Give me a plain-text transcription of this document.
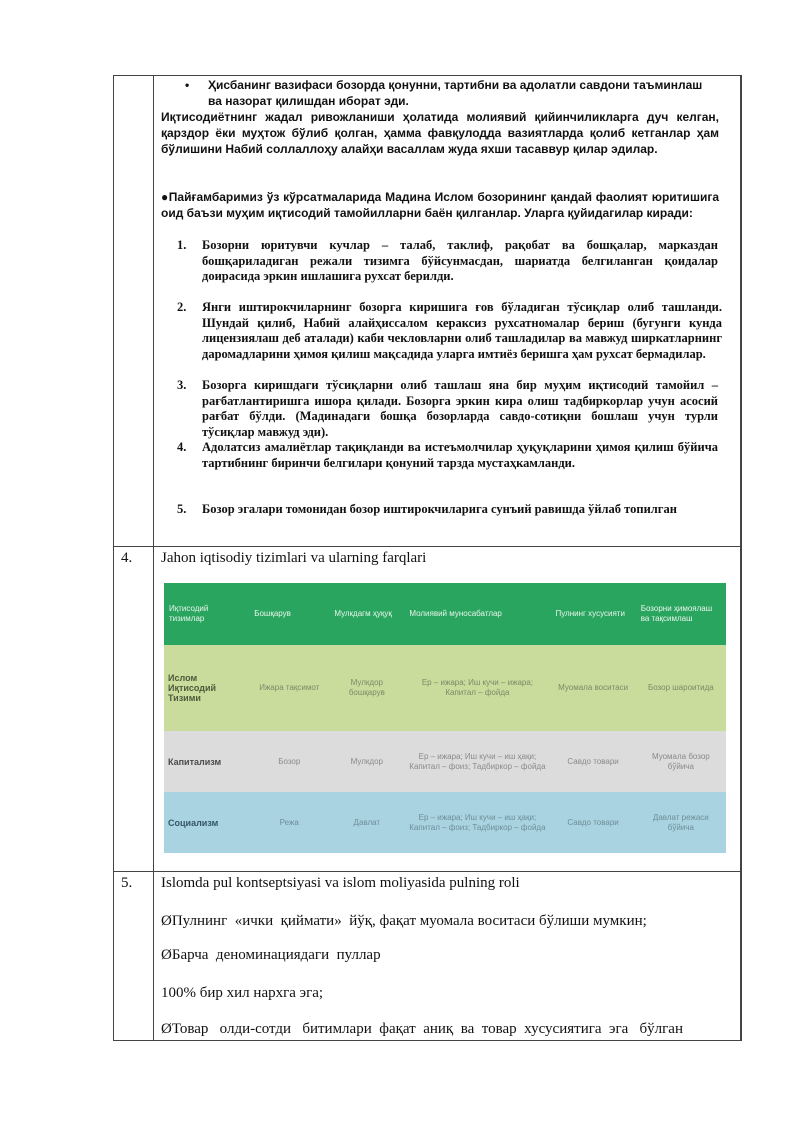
• Ҳисбанинг вазифаси бозорда қонунни, тартибни ва адолатли савдони таъминлаш ва назорат қилишдан иборат эди.
Иқтисодиётнинг жадал ривожланиши ҳолатида молиявий қийинчиликларга дуч келган, қарздор ёки муҳтож бўлиб қолган, ҳамма фавқулодда вазиятларда қолиб кетганлар ҳам бўлишини Набий соллаллоҳу алайҳи васаллам жуда яхши тасаввур қилар эдилар.
●Пайғамбаримиз ўз кўрсатмаларида Мадина Ислом бозорининг қандай фаолият юритишига оид баъзи муҳим иқтисодий тамойилларни баён қилганлар. Уларга қуйидагилар киради:
1. Бозорни юритувчи кучлар – талаб, таклиф, рақобат ва бошқалар, марказдан бошқариладиган режали тизимга бўйсунмасдан, шариатда белгиланган қоидалар доирасида эркин ишлашига рухсат берилди.
2. Янги иштирокчиларнинг бозорга киришига ғов бўладиган тўсиқлар олиб ташланди. Шундай қилиб, Набий алайҳиссалом кераксиз рухсатномалар бериш (бугунги кунда лицензиялаш деб аталади) каби чекловларни олиб ташладилар ва мавжуд ширкатларнинг даромадларини ҳимоя қилиш мақсадида уларга имтиёз беришга ҳам рухсат бермадилар.
3. Бозорга киришдаги тўсиқларни олиб ташлаш яна бир муҳим иқтисодий тамойил – рағбатлантиришга ишора қилади. Бозорга эркин кира олиш тадбиркорлар учун асосий рағбат бўлди. (Мадинадаги бошқа бозорларда савдо-сотиқни бошлаш учун турли тўсиқлар мавжуд эди).
4. Адолатсиз амалиётлар тақиқланди ва истеъмолчилар ҳуқуқларини ҳимоя қилиш бўйича тартибнинг биринчи белгилари қонуний тарзда мустаҳкамланди.
5. Бозор эгалари томонидан бозор иштирокчиларига сунъий равишда ўйлаб топилган
4. Jahon iqtisodiy tizimlari va ularning farqlari
Иқтисодий тизимлар	Бошқарув	Мулкдагм ҳуқуқ	Молиявий муносабатлар	Пулнинг хусусияти	Бозорни ҳимоялаш ва тақсимлаш
Ислом Иқтисодий Тизими	Ижара тақсимот	Мулкдор бошқарув	Ер – ижара; Иш кучи – ижара; Капитал – фойда	Муомала воситаси	Бозор шароитида
Капитализм	Бозор	Мулкдор	Ер – ижара; Иш кучи – иш ҳақи; Капитал – фоиз; Тадбиркор – фойда	Савдо товари	Муомала бозор бўйича
Социализм	Режа	Давлат	Ер – ижара; Иш кучи – иш ҳақи; Капитал – фоиз; Тадбиркор – фойда	Савдо товари	Давлат режаси бўйича
5. Islomda pul kontseptsiyasi va islom moliyasida pulning roli
ØПулнинг  «ички  қиймати»  йўқ, фақат муомала воситаси бўлиши мумкин;
ØБарча  деноминациядаги  пуллар
100% бир хил нархга эга;
ØТовар   олди-сотди   битимлари  фақат  аниқ  ва  товар  хусусиятига  эга   бўлган
